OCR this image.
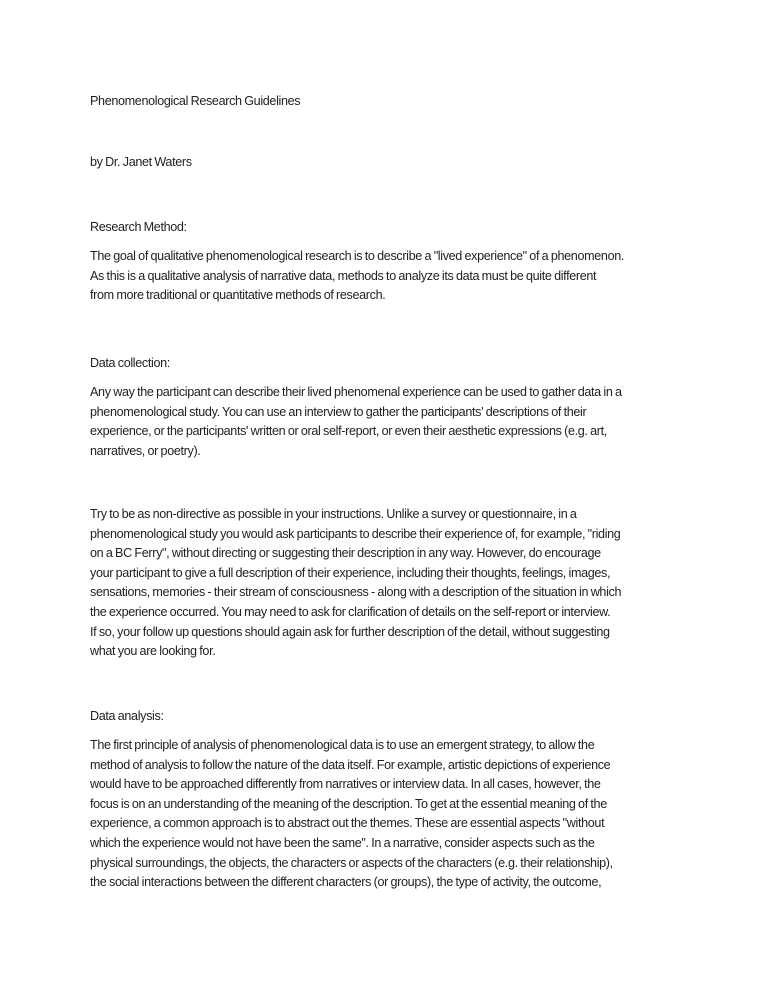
Phenomenological Research Guidelines
by Dr. Janet Waters
Research Method:
The goal of qualitative phenomenological research is to describe a "lived experience" of a phenomenon.
As this is a qualitative analysis of narrative data, methods to analyze its data must be quite different
from more traditional or quantitative methods of research.
Data collection:
Any way the participant can describe their lived phenomenal experience can be used to gather data in a
phenomenological study. You can use an interview to gather the participants' descriptions of their
experience, or the participants' written or oral self-report, or even their aesthetic expressions (e.g. art,
narratives, or poetry).
Try to be as non-directive as possible in your instructions. Unlike a survey or questionnaire, in a
phenomenological study you would ask participants to describe their experience of, for example, "riding
on a BC Ferry", without directing or suggesting their description in any way. However, do encourage
your participant to give a full description of their experience, including their thoughts, feelings, images,
sensations, memories - their stream of consciousness - along with a description of the situation in which
the experience occurred. You may need to ask for clarification of details on the self-report or interview.
If so, your follow up questions should again ask for further description of the detail, without suggesting
what you are looking for.
Data analysis:
The first principle of analysis of phenomenological data is to use an emergent strategy, to allow the
method of analysis to follow the nature of the data itself. For example, artistic depictions of experience
would have to be approached differently from narratives or interview data. In all cases, however, the
focus is on an understanding of the meaning of the description. To get at the essential meaning of the
experience, a common approach is to abstract out the themes. These are essential aspects "without
which the experience would not have been the same". In a narrative, consider aspects such as the
physical surroundings, the objects, the characters or aspects of the characters (e.g. their relationship),
the social interactions between the different characters (or groups), the type of activity, the outcome,
